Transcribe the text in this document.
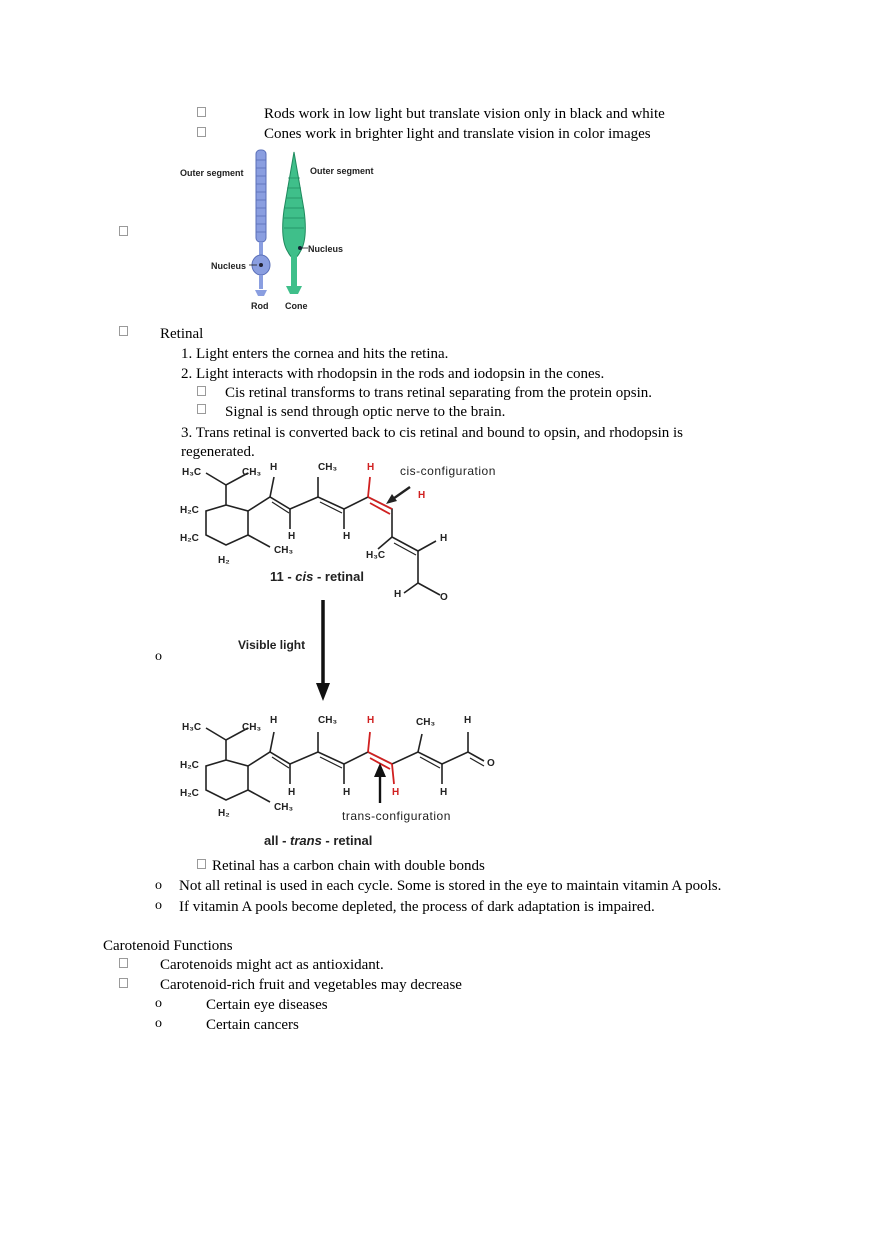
Rods work in low light but translate vision only in black and white
Cones work in brighter light and translate vision in color images
Outer segment	Outer segment
Nucleus
Nucleus
Rod Cone
Retinal
1. Light enters the cornea and hits the retina.
2. Light interacts with rhodopsin in the rods and iodopsin in the cones.
Cis retinal transforms to trans retinal separating from the protein opsin.
Signal is send through optic nerve to the brain.
3. Trans retinal is converted back to cis retinal and bound to opsin, and rhodopsin is
regenerated.
o
H₃C	CH₃ H	CH₃	H
H₂C
H₂C
H₂
CH₃
H	H
H₃C
H
H
H	O
cis-configuration
11 - cis - retinal
Visible light
H₃C	CH₃
H	CH₃	H	CH₃	H
H₂C
H₂C
H₂
CH₃
H	H	H	H
O
trans-configuration
all - trans - retinal
Retinal has a carbon chain with double bonds
o Not all retinal is used in each cycle. Some is stored in the eye to maintain vitamin A pools.
o If vitamin A pools become depleted, the process of dark adaptation is impaired.
Carotenoid Functions
Carotenoids might act as antioxidant.
Carotenoid-rich fruit and vegetables may decrease
o	Certain eye diseases
o	Certain cancers
